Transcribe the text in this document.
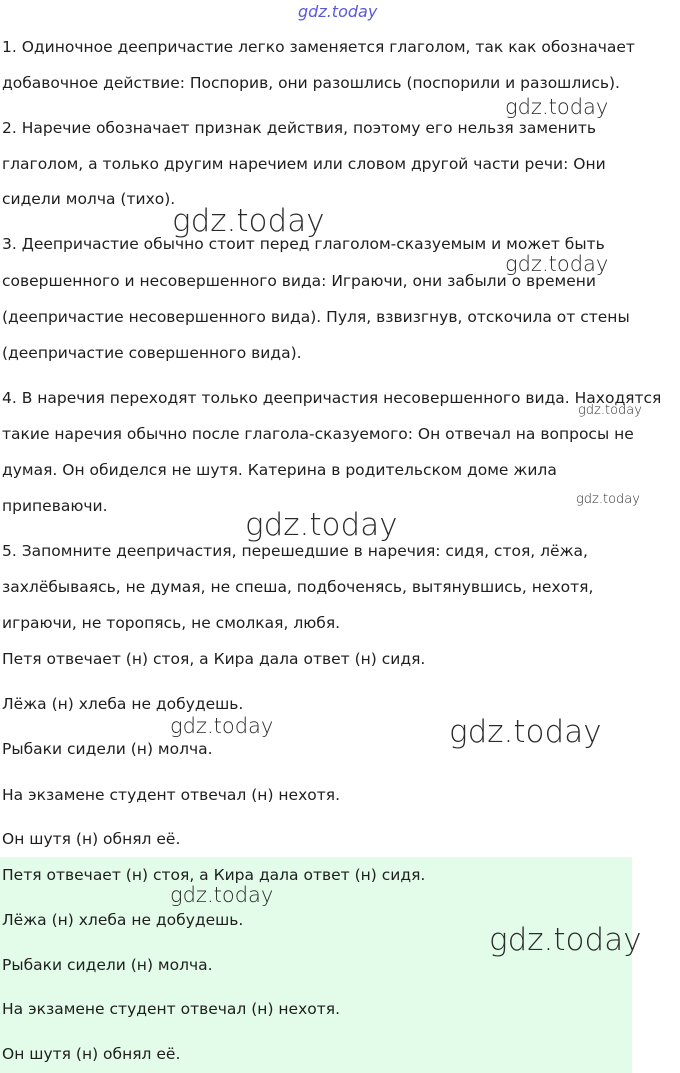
gdz.today
1. Одиночное деепричастие легко заменяется глаголом, так как обозначает
добавочное действие: Поспорив, они разошлись (поспорили и разошлись).
2. Наречие обозначает признак действия, поэтому его нельзя заменить
глаголом, а только другим наречием или словом другой части речи: Они
сидели молча (тихо).
3. Деепричастие обычно стоит перед глаголом-сказуемым и может быть
совершенного и несовершенного вида: Играючи, они забыли о времени
(деепричастие несовершенного вида). Пуля, взвизгнув, отскочила от стены
(деепричастие совершенного вида).
4. В наречия переходят только деепричастия несовершенного вида. Находятся
такие наречия обычно после глагола-сказуемого: Он отвечал на вопросы не
думая. Он обиделся не шутя. Катерина в родительском доме жила
припеваючи.
5. Запомните деепричастия, перешедшие в наречия: сидя, стоя, лёжа,
захлёбываясь, не думая, не спеша, подбоченясь, вытянувшись, нехотя,
играючи, не торопясь, не смолкая, любя.
Петя отвечает (н) стоя, а Кира дала ответ (н) сидя.
Лёжа (н) хлеба не добудешь.
Рыбаки сидели (н) молча.
На экзамене студент отвечал (н) нехотя.
Он шутя (н) обнял её.
Петя отвечает (н) стоя, а Кира дала ответ (н) сидя.
Лёжа (н) хлеба не добудешь.
Рыбаки сидели (н) молча.
На экзамене студент отвечал (н) нехотя.
Он шутя (н) обнял её.
gdz.today
gdz.today
gdz.today
gdz.today
gdz.today
gdz.today
gdz.today	gdz.today
gdz.today
gdz.today
